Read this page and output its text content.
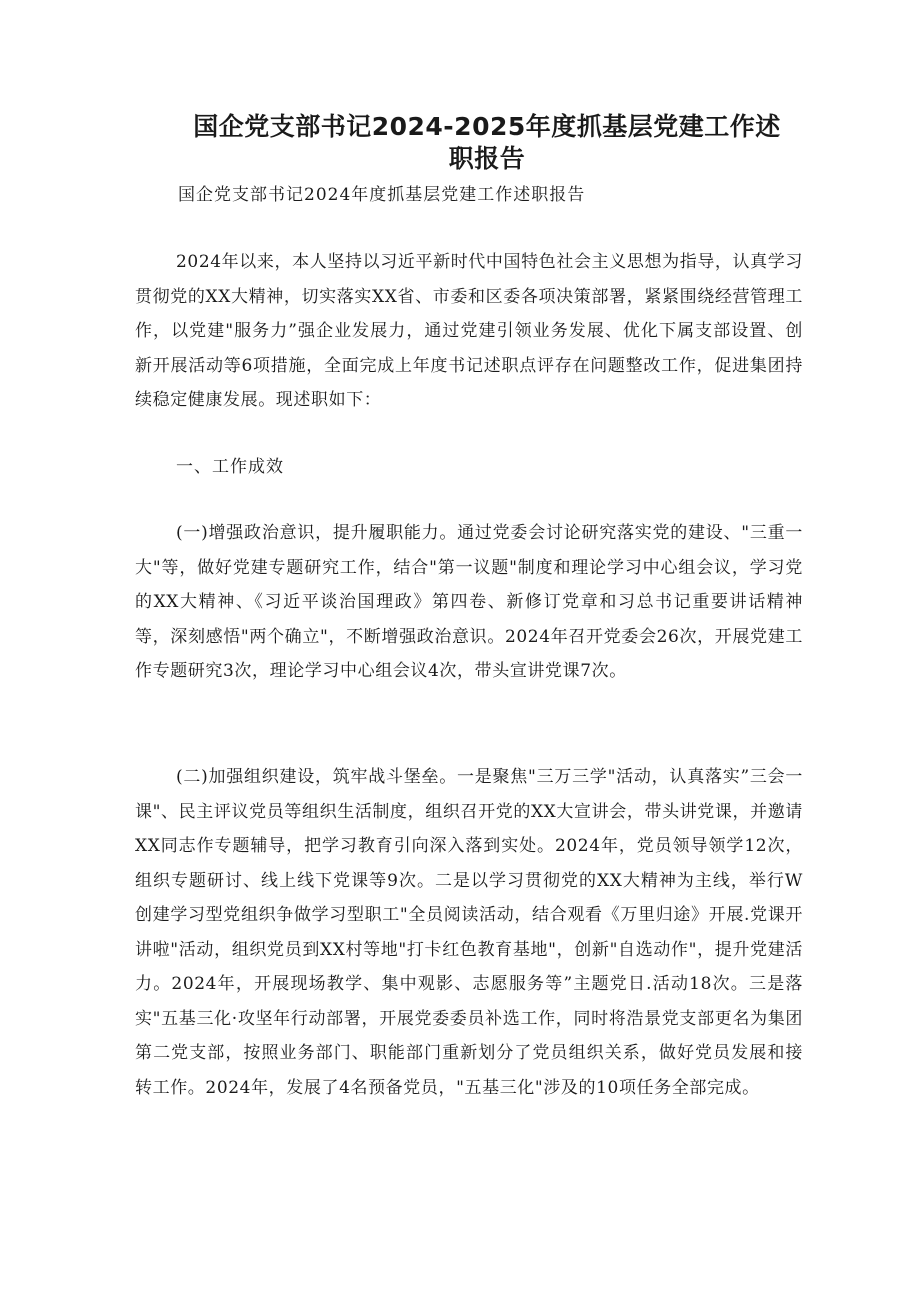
国企党支部书记2024-2025年度抓基层党建工作述职报告

国企党支部书记2024年度抓基层党建工作述职报告

2024年以来，本人坚持以习近平新时代中国特色社会主义思想为指导，认真学习贯彻党的XX大精神，切实落实XX省、市委和区委各项决策部署，紧紧围绕经营管理工作，以党建"服务力”强企业发展力，通过党建引领业务发展、优化下属支部设置、创新开展活动等6项措施，全面完成上年度书记述职点评存在问题整改工作，促进集团持续稳定健康发展。现述职如下：

一、工作成效

(一)增强政治意识，提升履职能力。通过党委会讨论研究落实党的建设、"三重一大"等，做好党建专题研究工作，结合"第一议题"制度和理论学习中心组会议，学习党的XX大精神、《习近平谈治国理政》第四卷、新修订党章和习总书记重要讲话精神等，深刻感悟"两个确立"，不断增强政治意识。2024年召开党委会26次，开展党建工作专题研究3次，理论学习中心组会议4次，带头宣讲党课7次。

(二)加强组织建设，筑牢战斗堡垒。一是聚焦"三万三学"活动，认真落实”三会一课"、民主评议党员等组织生活制度，组织召开党的XX大宣讲会，带头讲党课，并邀请XX同志作专题辅导，把学习教育引向深入落到实处。2024年，党员领导领学12次，组织专题研讨、线上线下党课等9次。二是以学习贯彻党的XX大精神为主线，举行W创建学习型党组织争做学习型职工"全员阅读活动，结合观看《万里归途》开展.党课开讲啦"活动，组织党员到XX村等地"打卡红色教育基地"，创新"自选动作"，提升党建活力。2024年，开展现场教学、集中观影、志愿服务等”主题党日.活动18次。三是落实"五基三化·攻坚年行动部署，开展党委委员补选工作，同时将浩景党支部更名为集团第二党支部，按照业务部门、职能部门重新划分了党员组织关系，做好党员发展和接转工作。2024年，发展了4名预备党员，"五基三化"涉及的10项任务全部完成。
